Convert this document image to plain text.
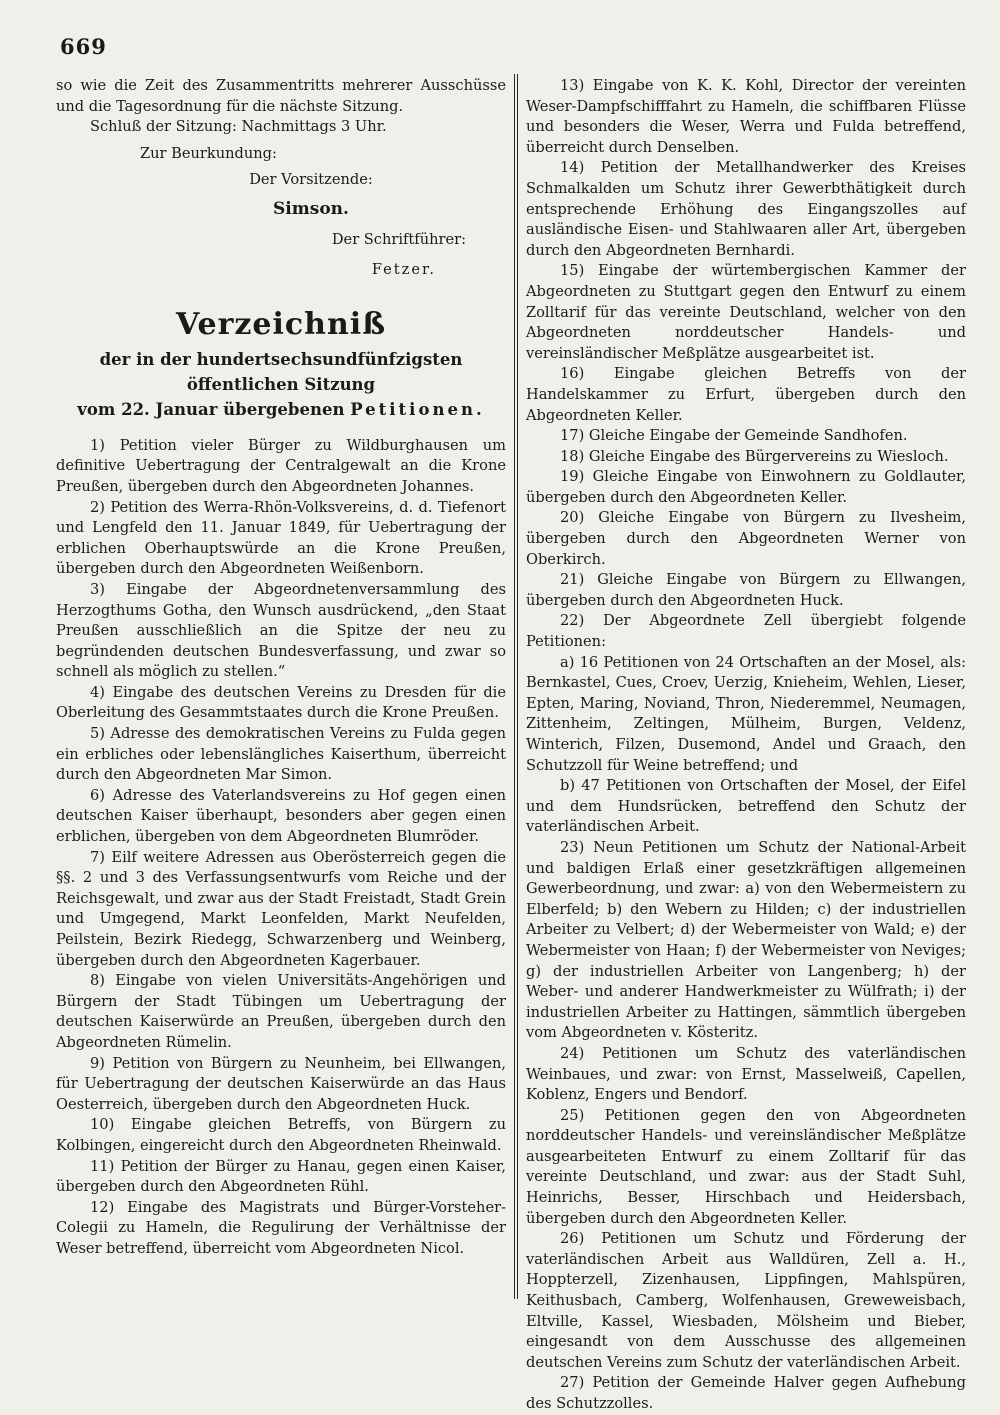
669

so wie die Zeit des Zusammentritts mehrerer Ausschüsse und die Tagesordnung für die nächste Sitzung.

Schluß der Sitzung: Nachmittags 3 Uhr.

Zur Beurkundung:

Der Vorsitzende:

Simson.

Der Schriftführer:

Fetzer.

Verzeichniß
der in der hundertsechsundfünfzigsten öffentlichen Sitzung
vom 22. Januar übergebenen Petitionen.

1) Petition vieler Bürger zu Wildburghausen um definitive Uebertragung der Centralgewalt an die Krone Preußen, übergeben durch den Abgeordneten Johannes.

2) Petition des Werra-Rhön-Volksvereins, d. d. Tiefenort und Lengfeld den 11. Januar 1849, für Uebertragung der erblichen Oberhauptswürde an die Krone Preußen, übergeben durch den Abgeordneten Weißenborn.

3) Eingabe der Abgeordnetenversammlung des Herzogthums Gotha, den Wunsch ausdrückend, „den Staat Preußen ausschließlich an die Spitze der neu zu begründenden deutschen Bundesverfassung, und zwar so schnell als möglich zu stellen.“

4) Eingabe des deutschen Vereins zu Dresden für die Oberleitung des Gesammtstaates durch die Krone Preußen.

5) Adresse des demokratischen Vereins zu Fulda gegen ein erbliches oder lebenslängliches Kaiserthum, überreicht durch den Abgeordneten Mar Simon.

6) Adresse des Vaterlandsvereins zu Hof gegen einen deutschen Kaiser überhaupt, besonders aber gegen einen erblichen, übergeben von dem Abgeordneten Blumröder.

7) Eilf weitere Adressen aus Oberösterreich gegen die §§. 2 und 3 des Verfassungsentwurfs vom Reiche und der Reichsgewalt, und zwar aus der Stadt Freistadt, Stadt Grein und Umgegend, Markt Leonfelden, Markt Neufelden, Peilstein, Bezirk Riedegg, Schwarzenberg und Weinberg, übergeben durch den Abgeordneten Kagerbauer.

8) Eingabe von vielen Universitäts-Angehörigen und Bürgern der Stadt Tübingen um Uebertragung der deutschen Kaiserwürde an Preußen, übergeben durch den Abgeordneten Rümelin.

9) Petition von Bürgern zu Neunheim, bei Ellwangen, für Uebertragung der deutschen Kaiserwürde an das Haus Oesterreich, übergeben durch den Abgeordneten Huck.

10) Eingabe gleichen Betreffs, von Bürgern zu Kolbingen, eingereicht durch den Abgeordneten Rheinwald.

11) Petition der Bürger zu Hanau, gegen einen Kaiser, übergeben durch den Abgeordneten Rühl.

12) Eingabe des Magistrats und Bürger-Vorsteher-Colegii zu Hameln, die Regulirung der Verhältnisse der Weser betreffend, überreicht vom Abgeordneten Nicol.

13) Eingabe von K. K. Kohl, Director der vereinten Weser-Dampfschifffahrt zu Hameln, die schiffbaren Flüsse und besonders die Weser, Werra und Fulda betreffend, überreicht durch Denselben.

14) Petition der Metallhandwerker des Kreises Schmalkalden um Schutz ihrer Gewerbthätigkeit durch entsprechende Erhöhung des Eingangszolles auf ausländische Eisen- und Stahlwaaren aller Art, übergeben durch den Abgeordneten Bernhardi.

15) Eingabe der würtembergischen Kammer der Abgeordneten zu Stuttgart gegen den Entwurf zu einem Zolltarif für das vereinte Deutschland, welcher von den Abgeordneten norddeutscher Handels- und vereinsländischer Meßplätze ausgearbeitet ist.

16) Eingabe gleichen Betreffs von der Handelskammer zu Erfurt, übergeben durch den Abgeordneten Keller.

17) Gleiche Eingabe der Gemeinde Sandhofen.

18) Gleiche Eingabe des Bürgervereins zu Wiesloch.

19) Gleiche Eingabe von Einwohnern zu Goldlauter, übergeben durch den Abgeordneten Keller.

20) Gleiche Eingabe von Bürgern zu Ilvesheim, übergeben durch den Abgeordneten Werner von Oberkirch.

21) Gleiche Eingabe von Bürgern zu Ellwangen, übergeben durch den Abgeordneten Huck.

22) Der Abgeordnete Zell übergiebt folgende Petitionen:

a) 16 Petitionen von 24 Ortschaften an der Mosel, als: Bernkastel, Cues, Croev, Uerzig, Knieheim, Wehlen, Lieser, Epten, Maring, Noviand, Thron, Niederemmel, Neumagen, Zittenheim, Zeltingen, Mülheim, Burgen, Veldenz, Winterich, Filzen, Dusemond, Andel und Graach, den Schutzzoll für Weine betreffend; und

b) 47 Petitionen von Ortschaften der Mosel, der Eifel und dem Hundsrücken, betreffend den Schutz der vaterländischen Arbeit.

23) Neun Petitionen um Schutz der National-Arbeit und baldigen Erlaß einer gesetzkräftigen allgemeinen Gewerbeordnung, und zwar: a) von den Webermeistern zu Elberfeld; b) den Webern zu Hilden; c) der industriellen Arbeiter zu Velbert; d) der Webermeister von Wald; e) der Webermeister von Haan; f) der Webermeister von Neviges; g) der industriellen Arbeiter von Langenberg; h) der Weber- und anderer Handwerkmeister zu Wülfrath; i) der industriellen Arbeiter zu Hattingen, sämmtlich übergeben vom Abgeordneten v. Kösteritz.

24) Petitionen um Schutz des vaterländischen Weinbaues, und zwar: von Ernst, Masselweiß, Capellen, Koblenz, Engers und Bendorf.

25) Petitionen gegen den von Abgeordneten norddeutscher Handels- und vereinsländischer Meßplätze ausgearbeiteten Entwurf zu einem Zolltarif für das vereinte Deutschland, und zwar: aus der Stadt Suhl, Heinrichs, Besser, Hirschbach und Heidersbach, übergeben durch den Abgeordneten Keller.

26) Petitionen um Schutz und Förderung der vaterländischen Arbeit aus Walldüren, Zell a. H., Hoppterzell, Zizenhausen, Lippfingen, Mahlspüren, Keithusbach, Camberg, Wolfenhausen, Greweweisbach, Eltville, Kassel, Wiesbaden, Mölsheim und Bieber, eingesandt von dem Ausschusse des allgemeinen deutschen Vereins zum Schutz der vaterländischen Arbeit.

27) Petition der Gemeinde Halver gegen Aufhebung des Schutzzolles.
